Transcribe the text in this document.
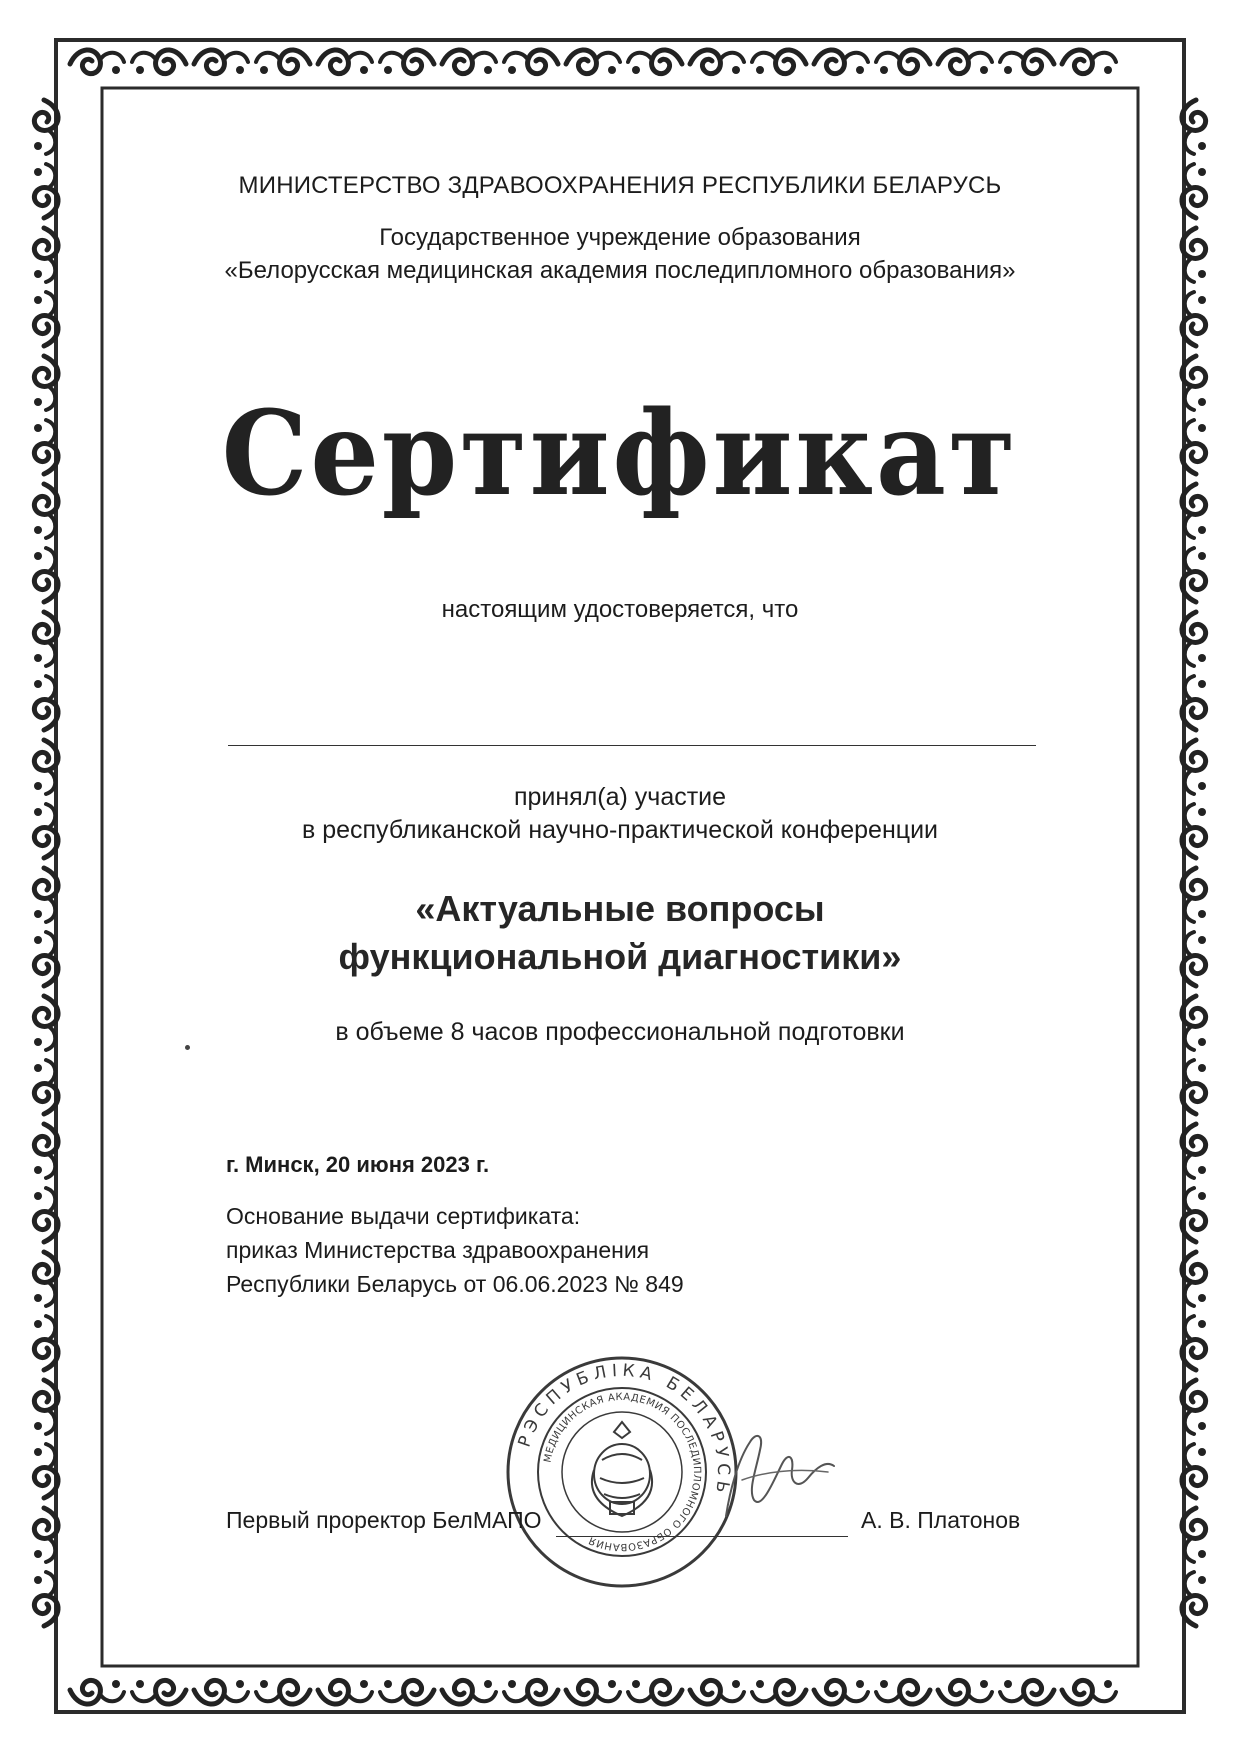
МИНИСТЕРСТВО ЗДРАВООХРАНЕНИЯ РЕСПУБЛИКИ БЕЛАРУСЬ
Государственное учреждение образования
«Белорусская медицинская академия последипломного образования»
Сертификат
настоящим удостоверяется, что
принял(а) участие
в республиканской научно-практической конференции
«Актуальные вопросы
функциональной диагностики»
в объеме 8 часов профессиональной подготовки
г. Минск, 20 июня 2023 г.
Основание выдачи сертификата:
приказ Министерства здравоохранения
Республики Беларусь от 06.06.2023 № 849
РЭСПУБЛІКА БЕЛАРУСЬ
МЕДИЦИНСКАЯ АКАДЕМИЯ ПОСЛЕДИПЛОМНОГО ОБРАЗОВАНИЯ
Первый проректор БелМАПО	А. В. Платонов
